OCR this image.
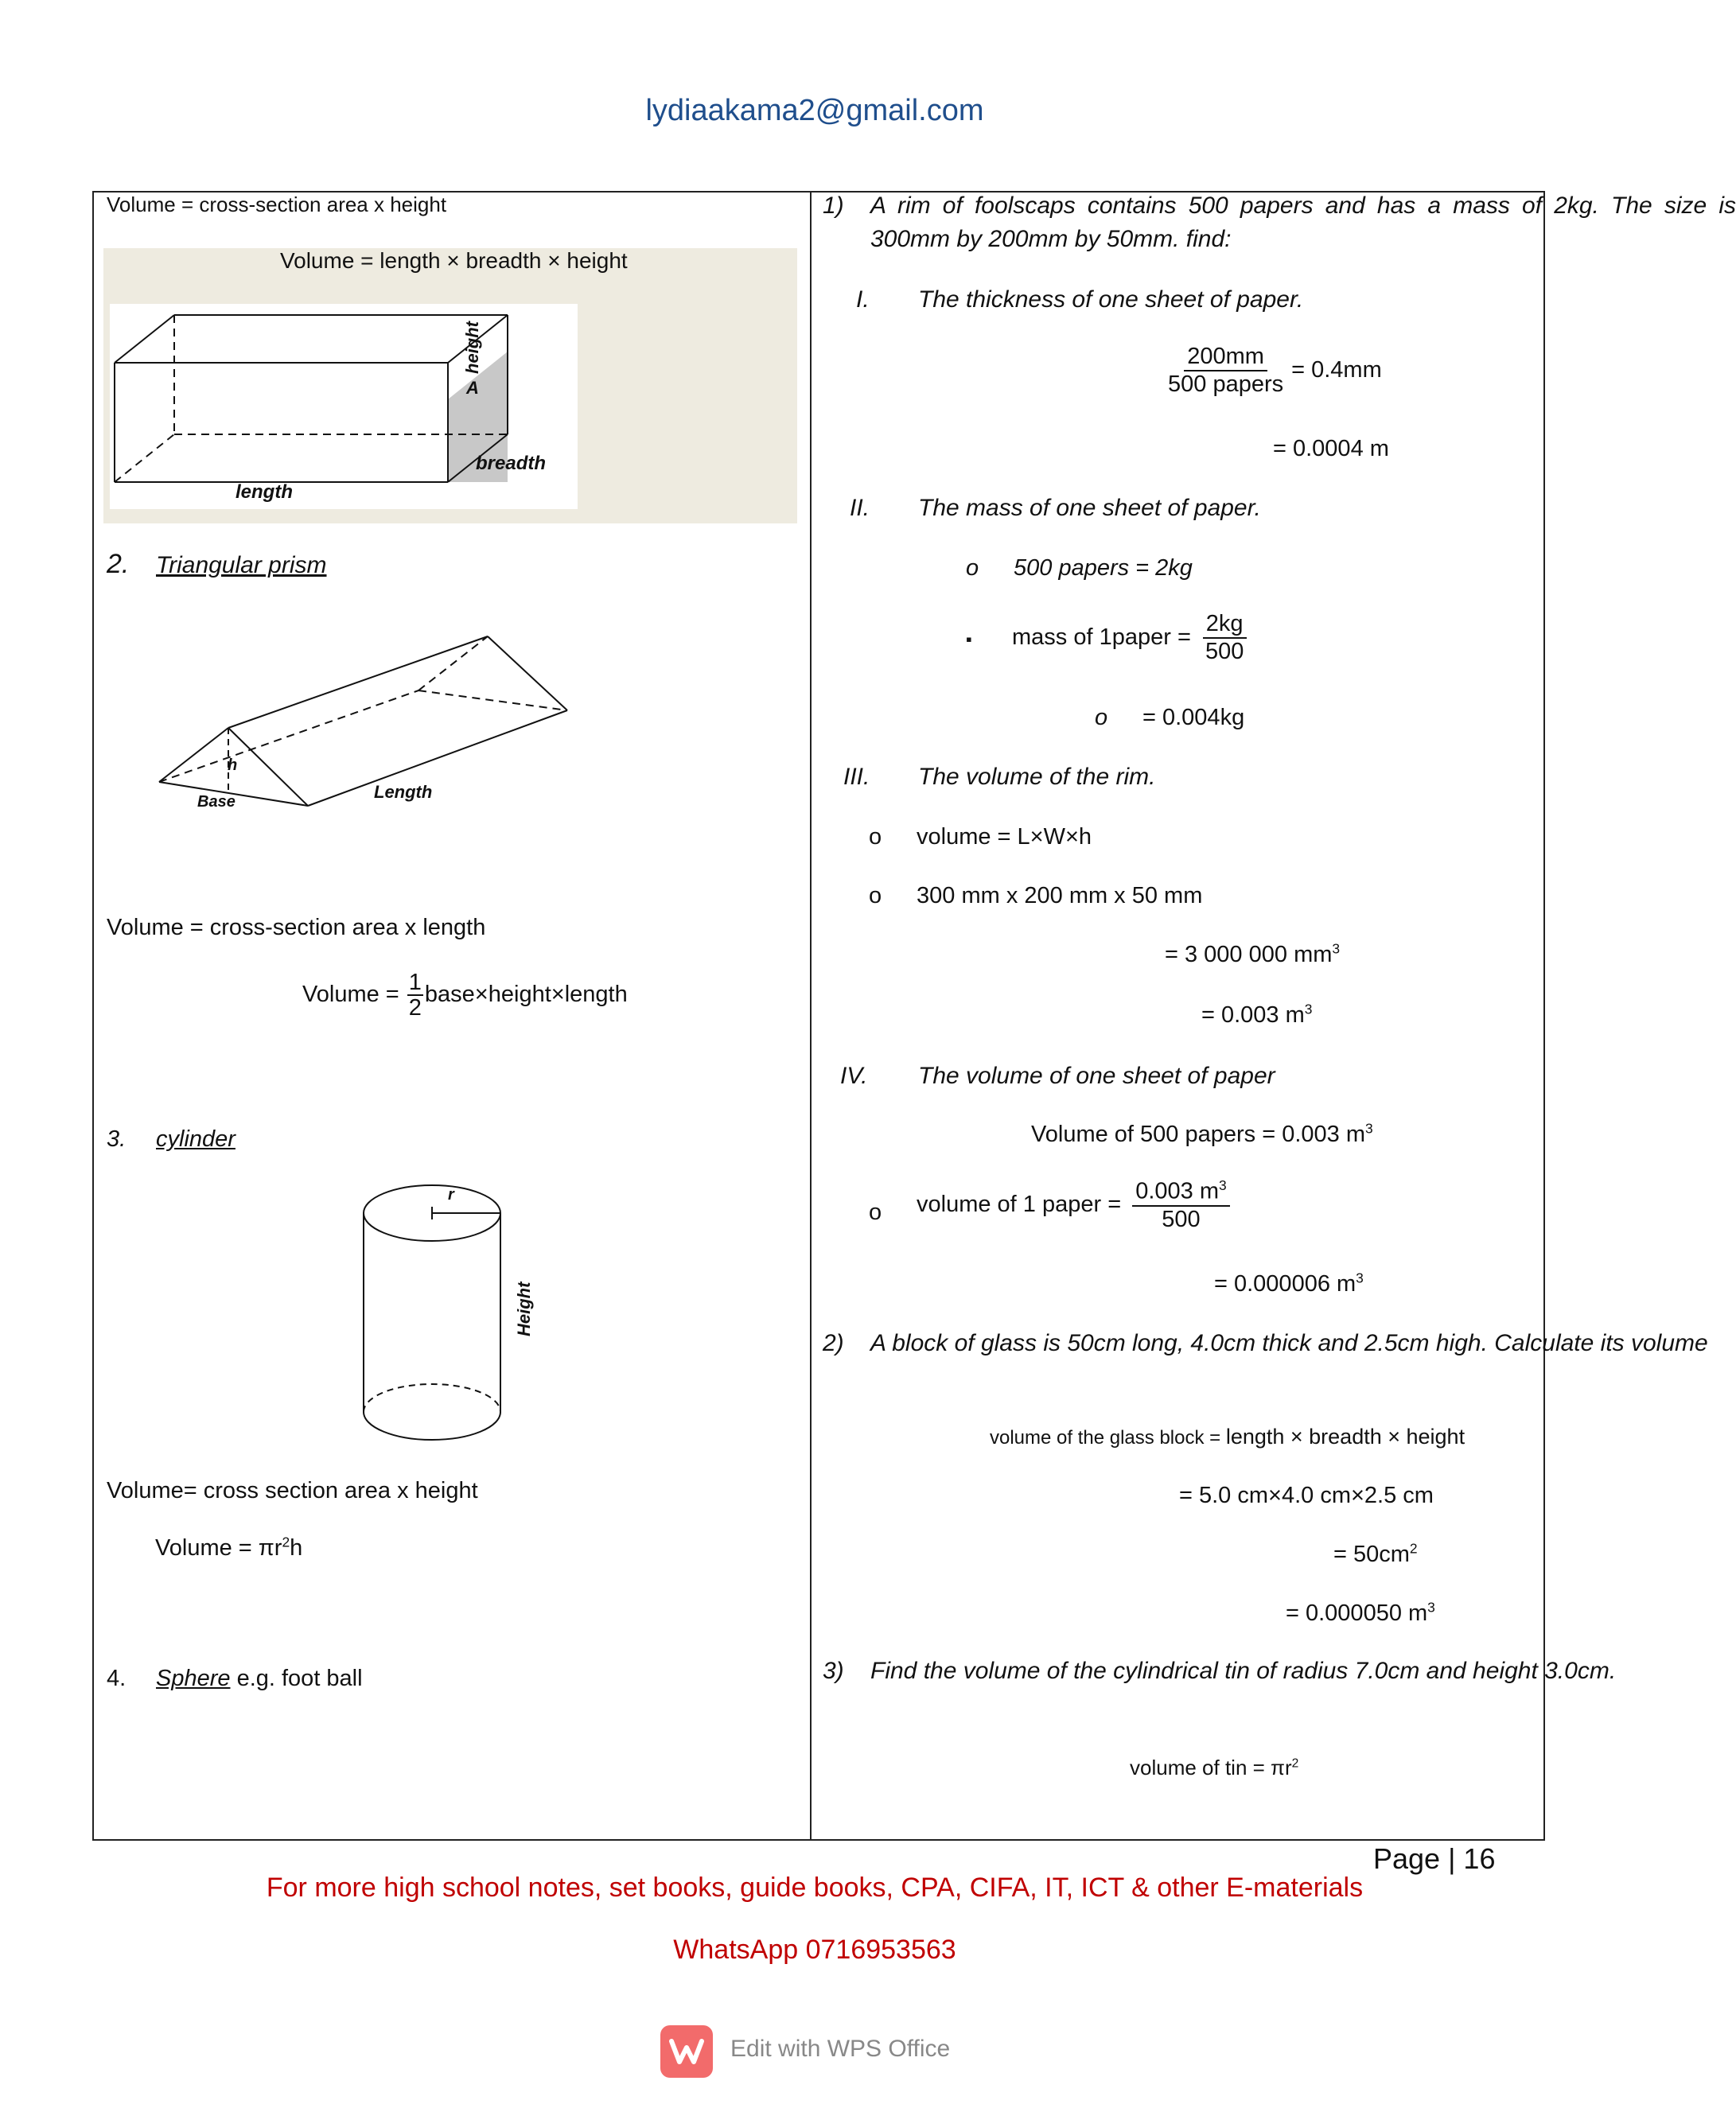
lydiaakama2@gmail.com
Volume = cross-section area x height
Volume = length × breadth × height
height
A
breadth
length
2. Triangular prism
h
Base	Length
Volume = cross-section area x length
Volume = $\frac{1}{2}$ base×height×length
3. cylinder
r
Height
Volume= cross section area x height
Volume = $\pi r^2h$
4. Sphere e.g. foot ball
1) A rim of foolscaps contains 500 papers and has a mass of 2kg. The size is 300mm by 200mm by 50mm. find:
I. The thickness of one sheet of paper.
$\frac{200mm}{\text{500 papers}} = 0.4mm$
= 0.0004 m
II. The mass of one sheet of paper.
o 500 papers = 2kg
▪ mass of 1paper = $\frac{2kg}{500}$
o = 0.004kg
III. The volume of the rim.
o volume = L×W×h
o 300 mm x 200 mm x 50 mm
= 3 000 000 $mm^3$
= 0.003 $m^3$
IV. The volume of one sheet of paper
Volume of 500 papers = 0.003 $m^3$
o volume of 1 paper = $\frac{0.003 m^3}{500}$
= 0.000006 $m^3$
2) A block of glass is 50cm long, 4.0cm thick and 2.5cm high. Calculate its volume
volume of the glass block = length × breadth × height
= 5.0 cm×4.0 cm×2.5 cm
= $50cm^2$
= 0.000050 $m^3$
3) Find the volume of the cylindrical tin of radius 7.0cm and height 3.0cm.
volume of tin = $\pi r^2$
Page | 16
For more high school notes, set books, guide books, CPA, CIFA, IT, ICT & other E-materials
WhatsApp 0716953563
Edit with WPS Office
